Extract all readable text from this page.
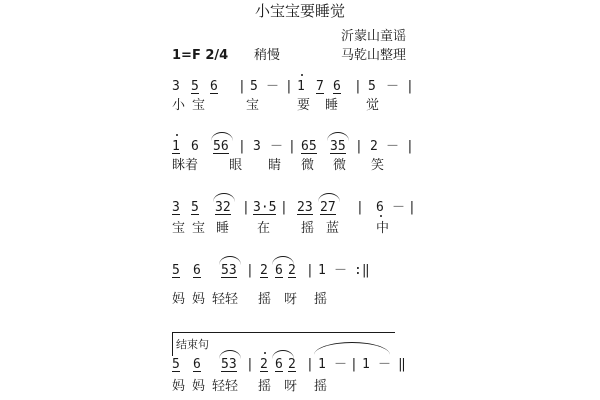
小宝宝要睡觉
沂蒙山童谣
1=F 2/4 稍慢	马乾山整理
3 5 6 | 5 － | 1 7 6 | 5 － |
小 宝	宝	要 睡 觉
1 6 56 | 3 － | 65 35 | 2 － |
眯着 眼 睛 微 微 笑
3 5 32 | 3·5 | 23 27 | 6 － |
宝 宝 睡 在 摇 蓝	中
5 6 53 | 2 6 2 | 1 － :‖
妈 妈 轻轻 摇 呀 摇
结束句
5 6 53 | 2 6 2 | 1 － | 1 － ‖
妈 妈 轻轻 摇 呀 摇
